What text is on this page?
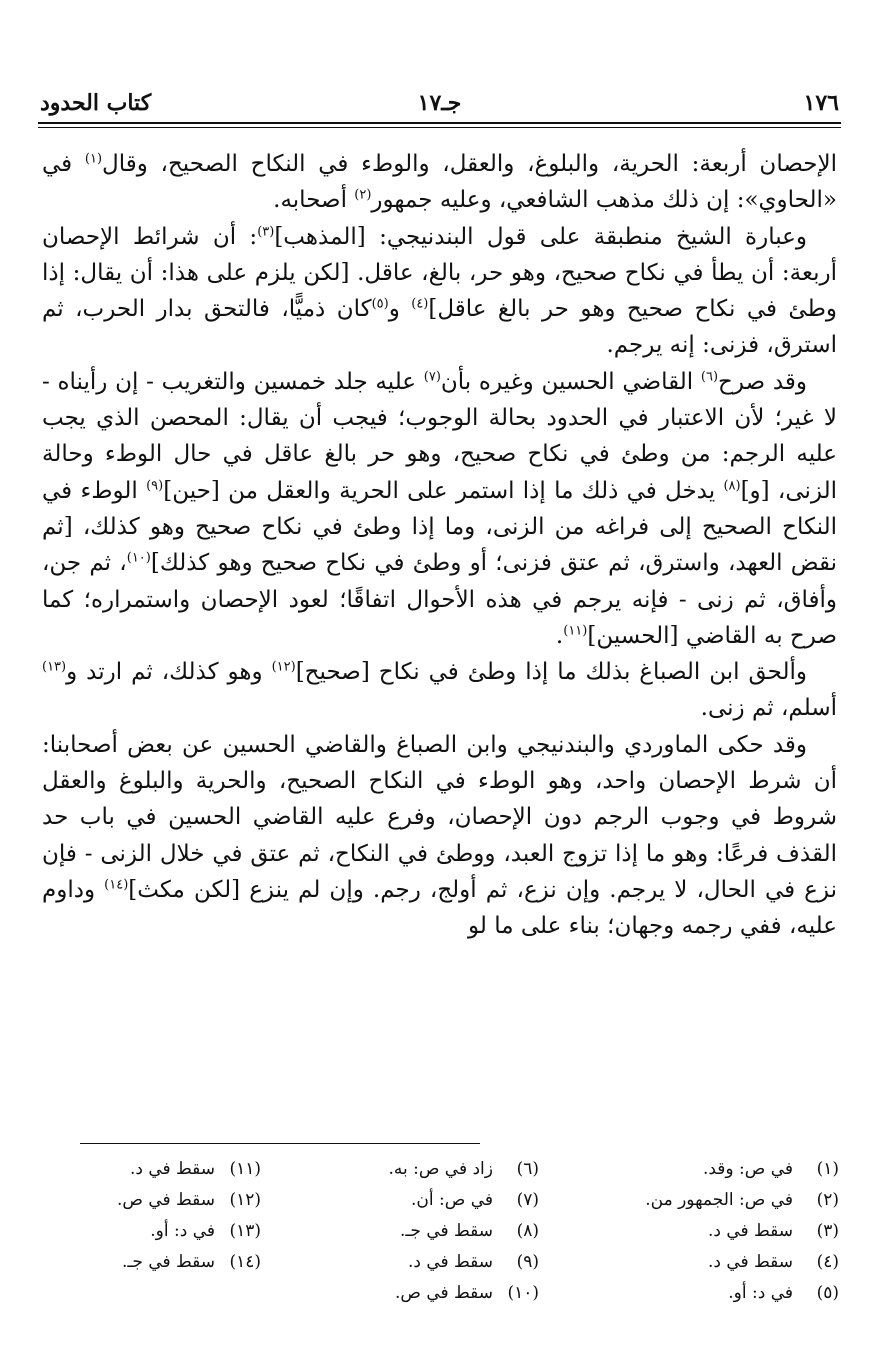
١٧٦
جـ١٧
كتاب الحدود

الإحصان أربعة: الحرية، والبلوغ، والعقل، والوطء في النكاح الصحيح، وقال$^{(١)}$ في «الحاوي»: إن ذلك مذهب الشافعي، وعليه جمهور$^{(٢)}$ أصحابه.

وعبارة الشيخ منطبقة على قول البندنيجي: [المذهب]$^{(٣)}$: أن شرائط الإحصان أربعة: أن يطأ في نكاح صحيح، وهو حر، بالغ، عاقل. [لكن يلزم على هذا: أن يقال: إذا وطئ في نكاح صحيح وهو حر بالغ عاقل]$^{(٤)}$ و$^{(٥)}$كان ذميًّا، فالتحق بدار الحرب، ثم استرق، فزنى: إنه يرجم.

وقد صرح$^{(٦)}$ القاضي الحسين وغيره بأن$^{(٧)}$ عليه جلد خمسين والتغريب - إن رأيناه - لا غير؛ لأن الاعتبار في الحدود بحالة الوجوب؛ فيجب أن يقال: المحصن الذي يجب عليه الرجم: من وطئ في نكاح صحيح، وهو حر بالغ عاقل في حال الوطء وحالة الزنى، [و]$^{(٨)}$ يدخل في ذلك ما إذا استمر على الحرية والعقل من [حين]$^{(٩)}$ الوطء في النكاح الصحيح إلى فراغه من الزنى، وما إذا وطئ في نكاح صحيح وهو كذلك، [ثم نقض العهد، واسترق، ثم عتق فزنى؛ أو وطئ في نكاح صحيح وهو كذلك]$^{(١٠)}$، ثم جن، وأفاق، ثم زنى - فإنه يرجم في هذه الأحوال اتفاقًا؛ لعود الإحصان واستمراره؛ كما صرح به القاضي [الحسين]$^{(١١)}$.

وألحق ابن الصباغ بذلك ما إذا وطئ في نكاح [صحيح]$^{(١٢)}$ وهو كذلك، ثم ارتد و$^{(١٣)}$ أسلم، ثم زنى.

وقد حكى الماوردي والبندنيجي وابن الصباغ والقاضي الحسين عن بعض أصحابنا: أن شرط الإحصان واحد، وهو الوطء في النكاح الصحيح، والحرية والبلوغ والعقل شروط في وجوب الرجم دون الإحصان، وفرع عليه القاضي الحسين في باب حد القذف فرعًا: وهو ما إذا تزوج العبد، ووطئ في النكاح، ثم عتق في خلال الزنى - فإن نزع في الحال، لا يرجم. وإن نزع، ثم أولج، رجم. وإن لم ينزع [لكن مكث]$^{(١٤)}$ وداوم عليه، ففي رجمه وجهان؛ بناء على ما لو

(١)في ص: وقد.
(٢)في ص: الجمهور من.
(٣)سقط في د.
(٤)سقط في د.
(٥)في د: أو.
(٦)زاد في ص: به.
(٧)في ص: أن.
(٨)سقط في جـ.
(٩)سقط في د.
(١٠)سقط في ص.
(١١)سقط في د.
(١٢)سقط في ص.
(١٣)في د: أو.
(١٤)سقط في جـ.
